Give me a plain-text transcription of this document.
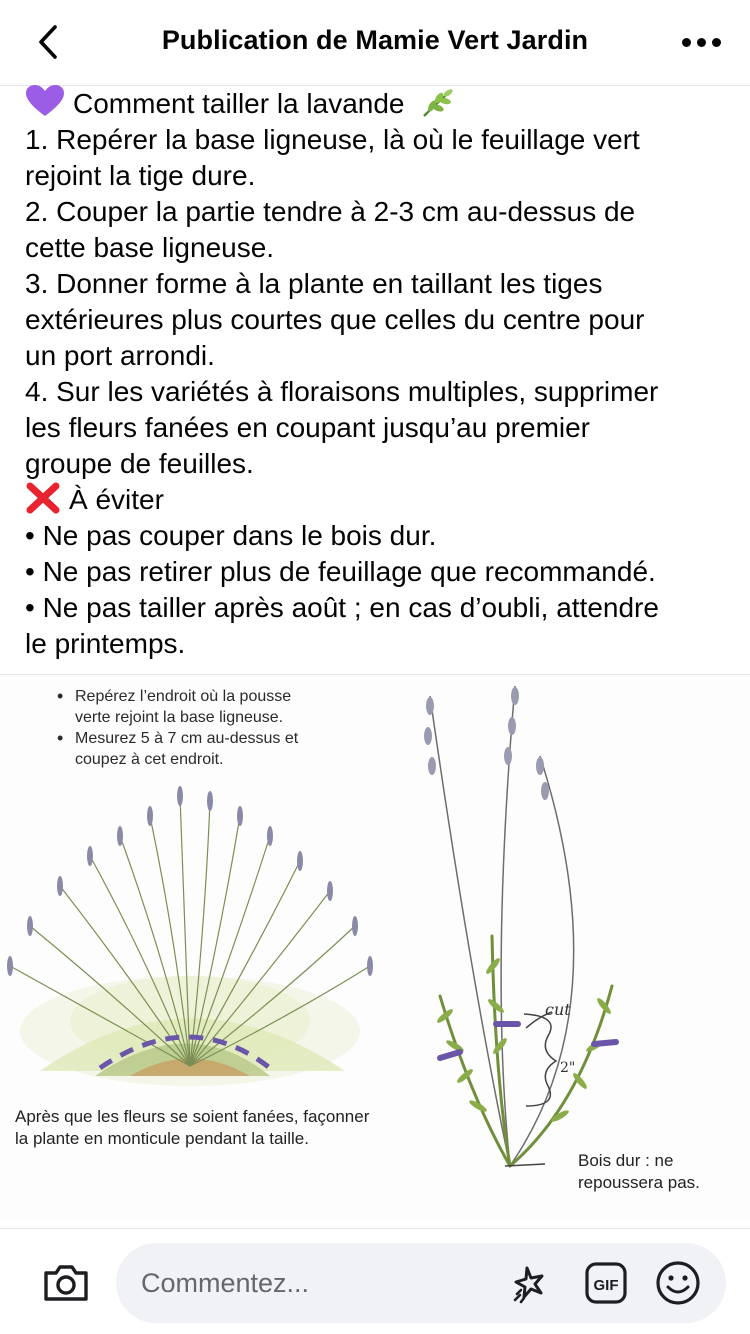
Publication de Mamie Vert Jardin
Comment tailler la lavande
1. Repérer la base ligneuse, là où le feuillage vert
rejoint la tige dure.
2. Couper la partie tendre à 2-3 cm au-dessus de
cette base ligneuse.
3. Donner forme à la plante en taillant les tiges
extérieures plus courtes que celles du centre pour
un port arrondi.
4. Sur les variétés à floraisons multiples, supprimer
les fleurs fanées en coupant jusqu’au premier
groupe de feuilles.
À éviter
• Ne pas couper dans le bois dur.
• Ne pas retirer plus de feuillage que recommandé.
• Ne pas tailler après août ; en cas d’oubli, attendre
le printemps.
• Repérez l’endroit où la pousse
verte rejoint la base ligneuse.
• Mesurez 5 à 7 cm au-dessus et
coupez à cet endroit.
cut
2"
Après que les fleurs se soient fanées, façonner
la plante en monticule pendant la taille.
Bois dur : ne
repoussera pas.
Commentez...
GIF
